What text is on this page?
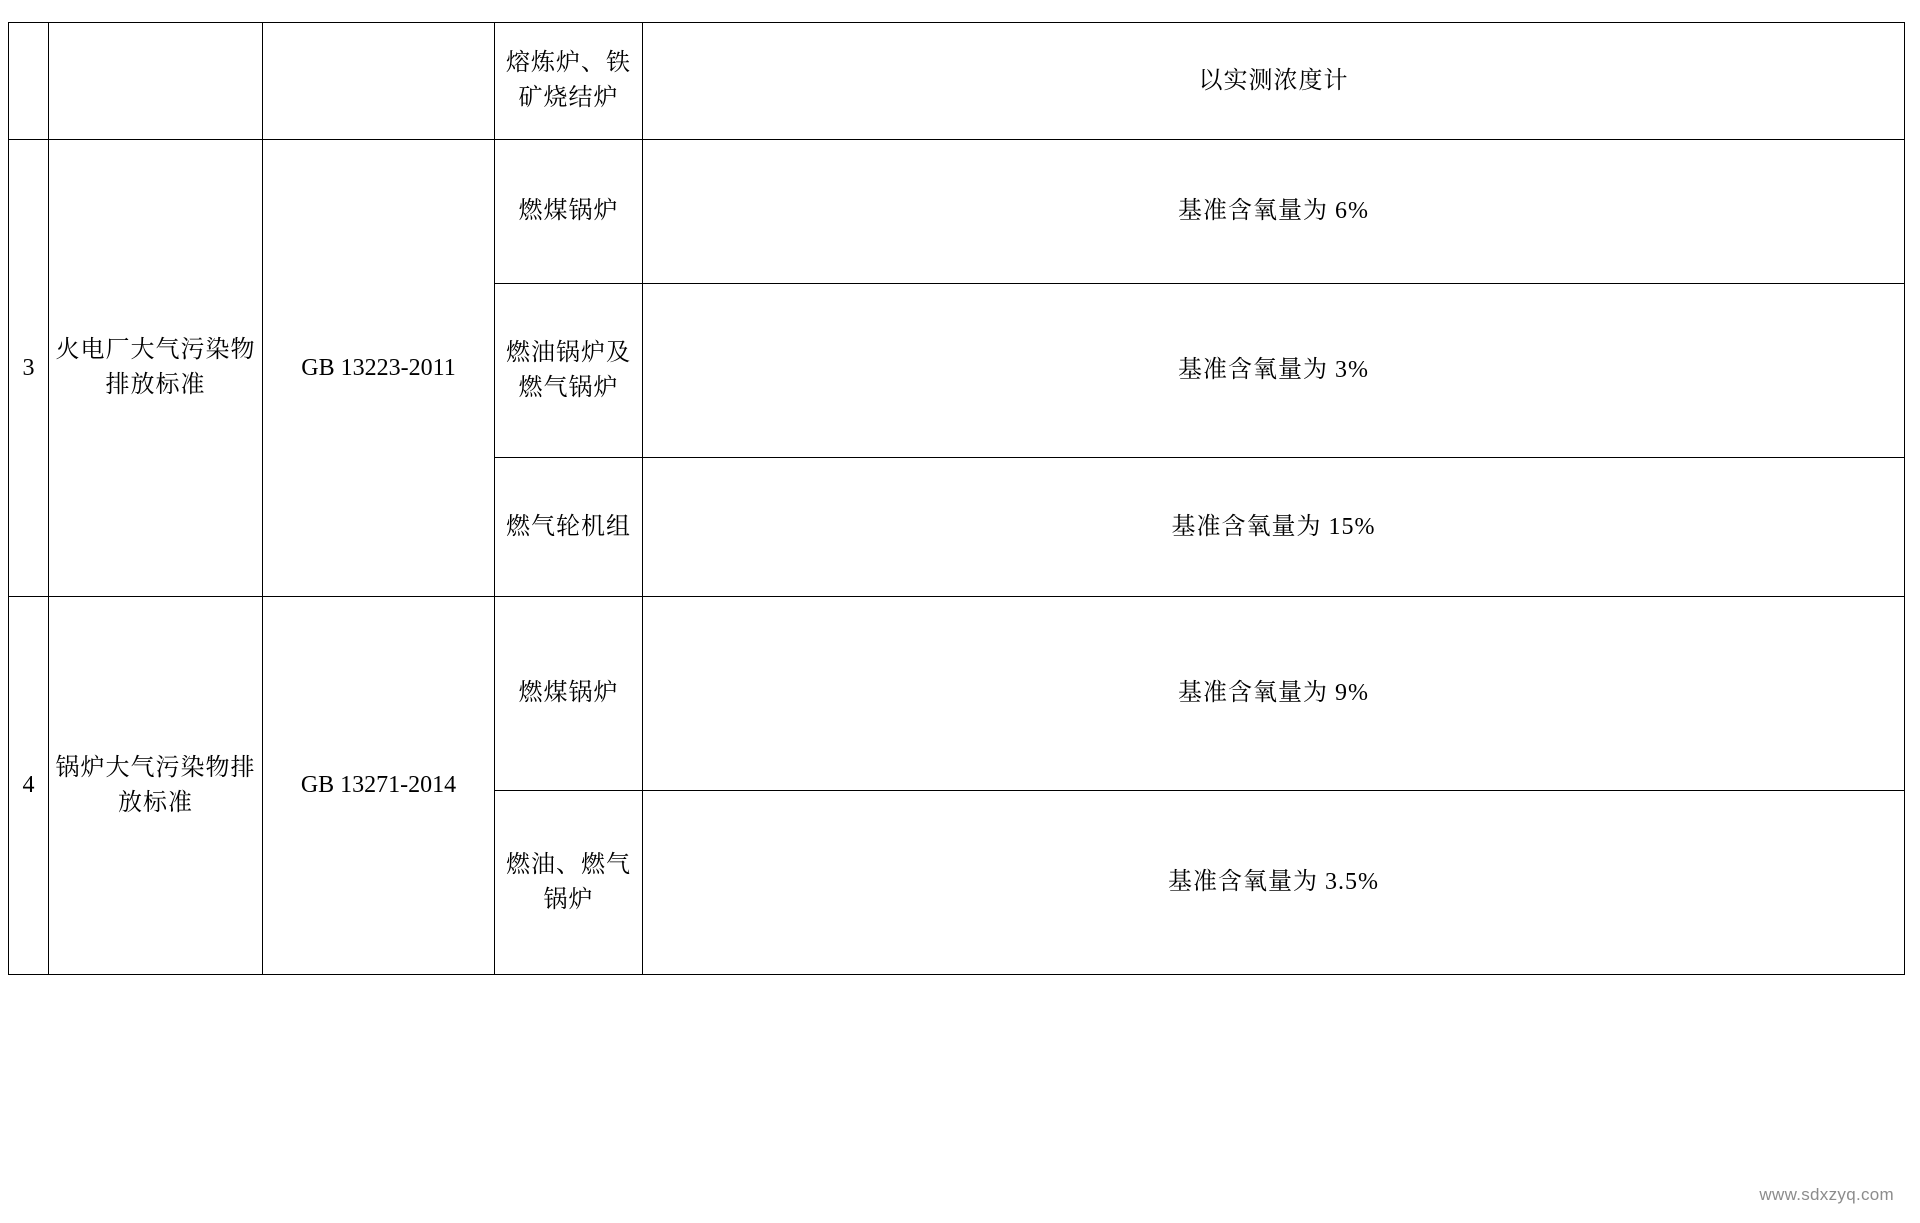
			熔炼炉、铁矿烧结炉	以实测浓度计
3	火电厂大气污染物排放标准	GB 13223-2011	燃煤锅炉	基准含氧量为 6%
			燃油锅炉及燃气锅炉	基准含氧量为 3%
			燃气轮机组	基准含氧量为 15%
4	锅炉大气污染物排放标准	GB 13271-2014	燃煤锅炉	基准含氧量为 9%
			燃油、燃气锅炉	基准含氧量为 3.5%
www.sdxzyq.com
